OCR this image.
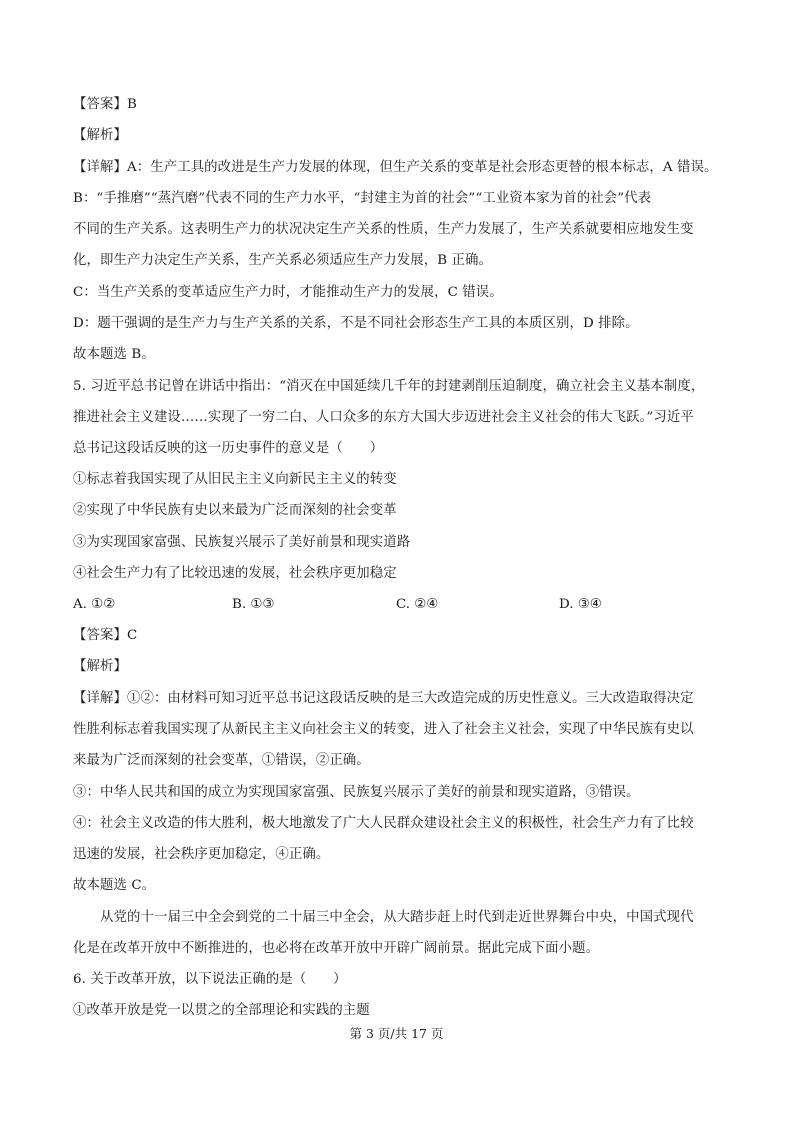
【答案】B
【解析】
【详解】A：生产工具的改进是生产力发展的体现，但生产关系的变革是社会形态更替的根本标志，A 错误。
B：“手推磨”“蒸汽磨”代表不同的生产力水平，“封建主为首的社会”“工业资本家为首的社会”代表
不同的生产关系。这表明生产力的状况决定生产关系的性质，生产力发展了，生产关系就要相应地发生变
化，即生产力决定生产关系，生产关系必须适应生产力发展，B 正确。
C：当生产关系的变革适应生产力时，才能推动生产力的发展，C 错误。
D：题干强调的是生产力与生产关系的关系，不是不同社会形态生产工具的本质区别，D 排除。
故本题选 B。
5. 习近平总书记曾在讲话中指出：“消灭在中国延续几千年的封建剥削压迫制度，确立社会主义基本制度，
推进社会主义建设……实现了一穷二白、人口众多的东方大国大步迈进社会主义社会的伟大飞跃。”习近平
总书记这段话反映的这一历史事件的意义是（　　）
①标志着我国实现了从旧民主主义向新民主主义的转变
②实现了中华民族有史以来最为广泛而深刻的社会变革
③为实现国家富强、民族复兴展示了美好前景和现实道路
④社会生产力有了比较迅速的发展，社会秩序更加稳定
A. ①②	B. ①③	C. ②④	D. ③④
【答案】C
【解析】
【详解】①②：由材料可知习近平总书记这段话反映的是三大改造完成的历史性意义。三大改造取得决定
性胜利标志着我国实现了从新民主主义向社会主义的转变，进入了社会主义社会，实现了中华民族有史以
来最为广泛而深刻的社会变革，①错误，②正确。
③：中华人民共和国的成立为实现国家富强、民族复兴展示了美好的前景和现实道路，③错误。
④：社会主义改造的伟大胜利，极大地激发了广大人民群众建设社会主义的积极性，社会生产力有了比较
迅速的发展，社会秩序更加稳定，④正确。
故本题选 C。
从党的十一届三中全会到党的二十届三中全会，从大踏步赶上时代到走近世界舞台中央，中国式现代
化是在改革开放中不断推进的，也必将在改革开放中开辟广阔前景。据此完成下面小题。
6. 关于改革开放，以下说法正确的是（　　）
①改革开放是党一以贯之的全部理论和实践的主题
第 3 页/共 17 页
